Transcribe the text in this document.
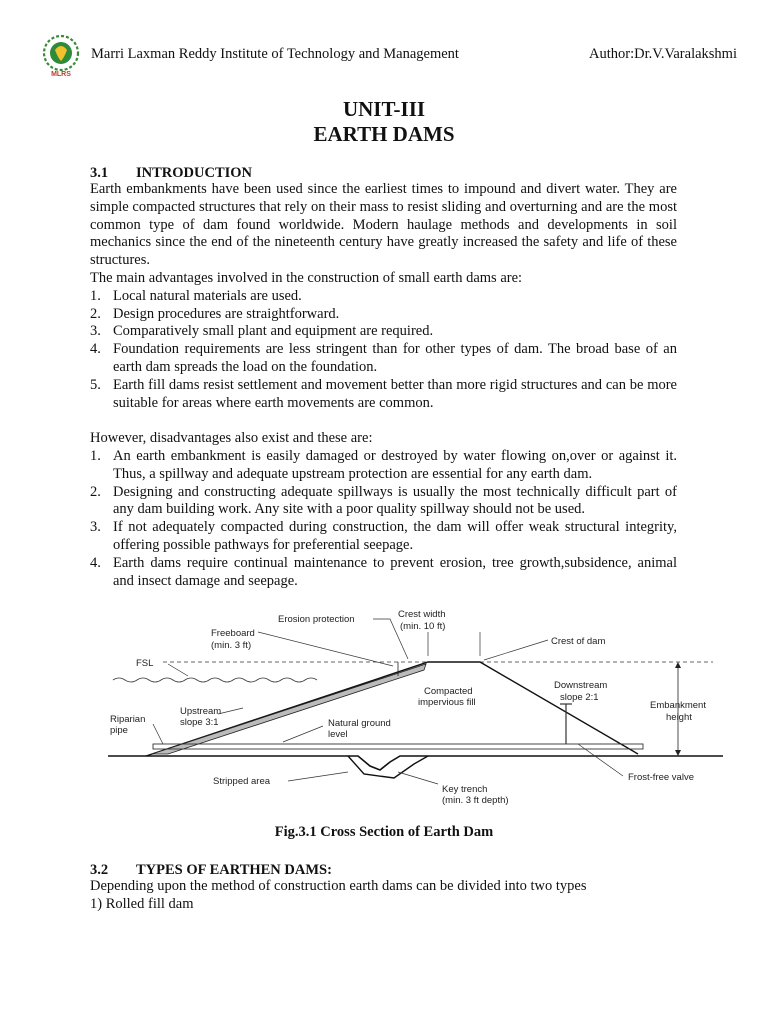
MLRS
Marri Laxman Reddy Institute of Technology and Management	Author:Dr.V.Varalakshmi
UNIT-III
EARTH DAMS
3.1 INTRODUCTION

Earth embankments have been used since the earliest times to impound and divert water. They are simple compacted structures that rely on their mass to resist sliding and overturning and are the most common type of dam found worldwide. Modern haulage methods and developments in soil mechanics since the end of the nineteenth century have greatly increased the safety and life of these structures.

The main advantages involved in the construction of small earth dams are:

1. Local natural materials are used.
2. Design procedures are straightforward.
3. Comparatively small plant and equipment are required.
4. Foundation requirements are less stringent than for other types of dam. The broad base of an earth dam spreads the load on the foundation.
5. Earth fill dams resist settlement and movement better than more rigid structures and can be more suitable for areas where earth movements are common.

However, disadvantages also exist and these are:

1. An earth embankment is easily damaged or destroyed by water flowing on,over or against it. Thus, a spillway and adequate upstream protection are essential for any earth dam.
2. Designing and constructing adequate spillways is usually the most technically difficult part of any dam building work. Any site with a poor quality spillway should not be used.
3. If not adequately compacted during construction, the dam will offer weak structural integrity, offering possible pathways for preferential seepage.
4. Earth dams require continual maintenance to prevent erosion, tree growth,subsidence, animal and insect damage and seepage.
Crest width
(min. 10 ft)
Erosion protection
Freeboard
(min. 3 ft)	Crest of dam
FSL
Compacted
impervious fill
Downstream
slope 2:1
Embankment
height
Upstream
slope 3:1
Riparian
pipe
Natural ground
level
Stripped area
Key trench
(min. 3 ft depth)
Frost-free valve
Fig.3.1 Cross Section of Earth Dam
3.2 TYPES OF EARTHEN DAMS:

Depending upon the method of construction earth dams can be divided into two types

1) Rolled fill dam
